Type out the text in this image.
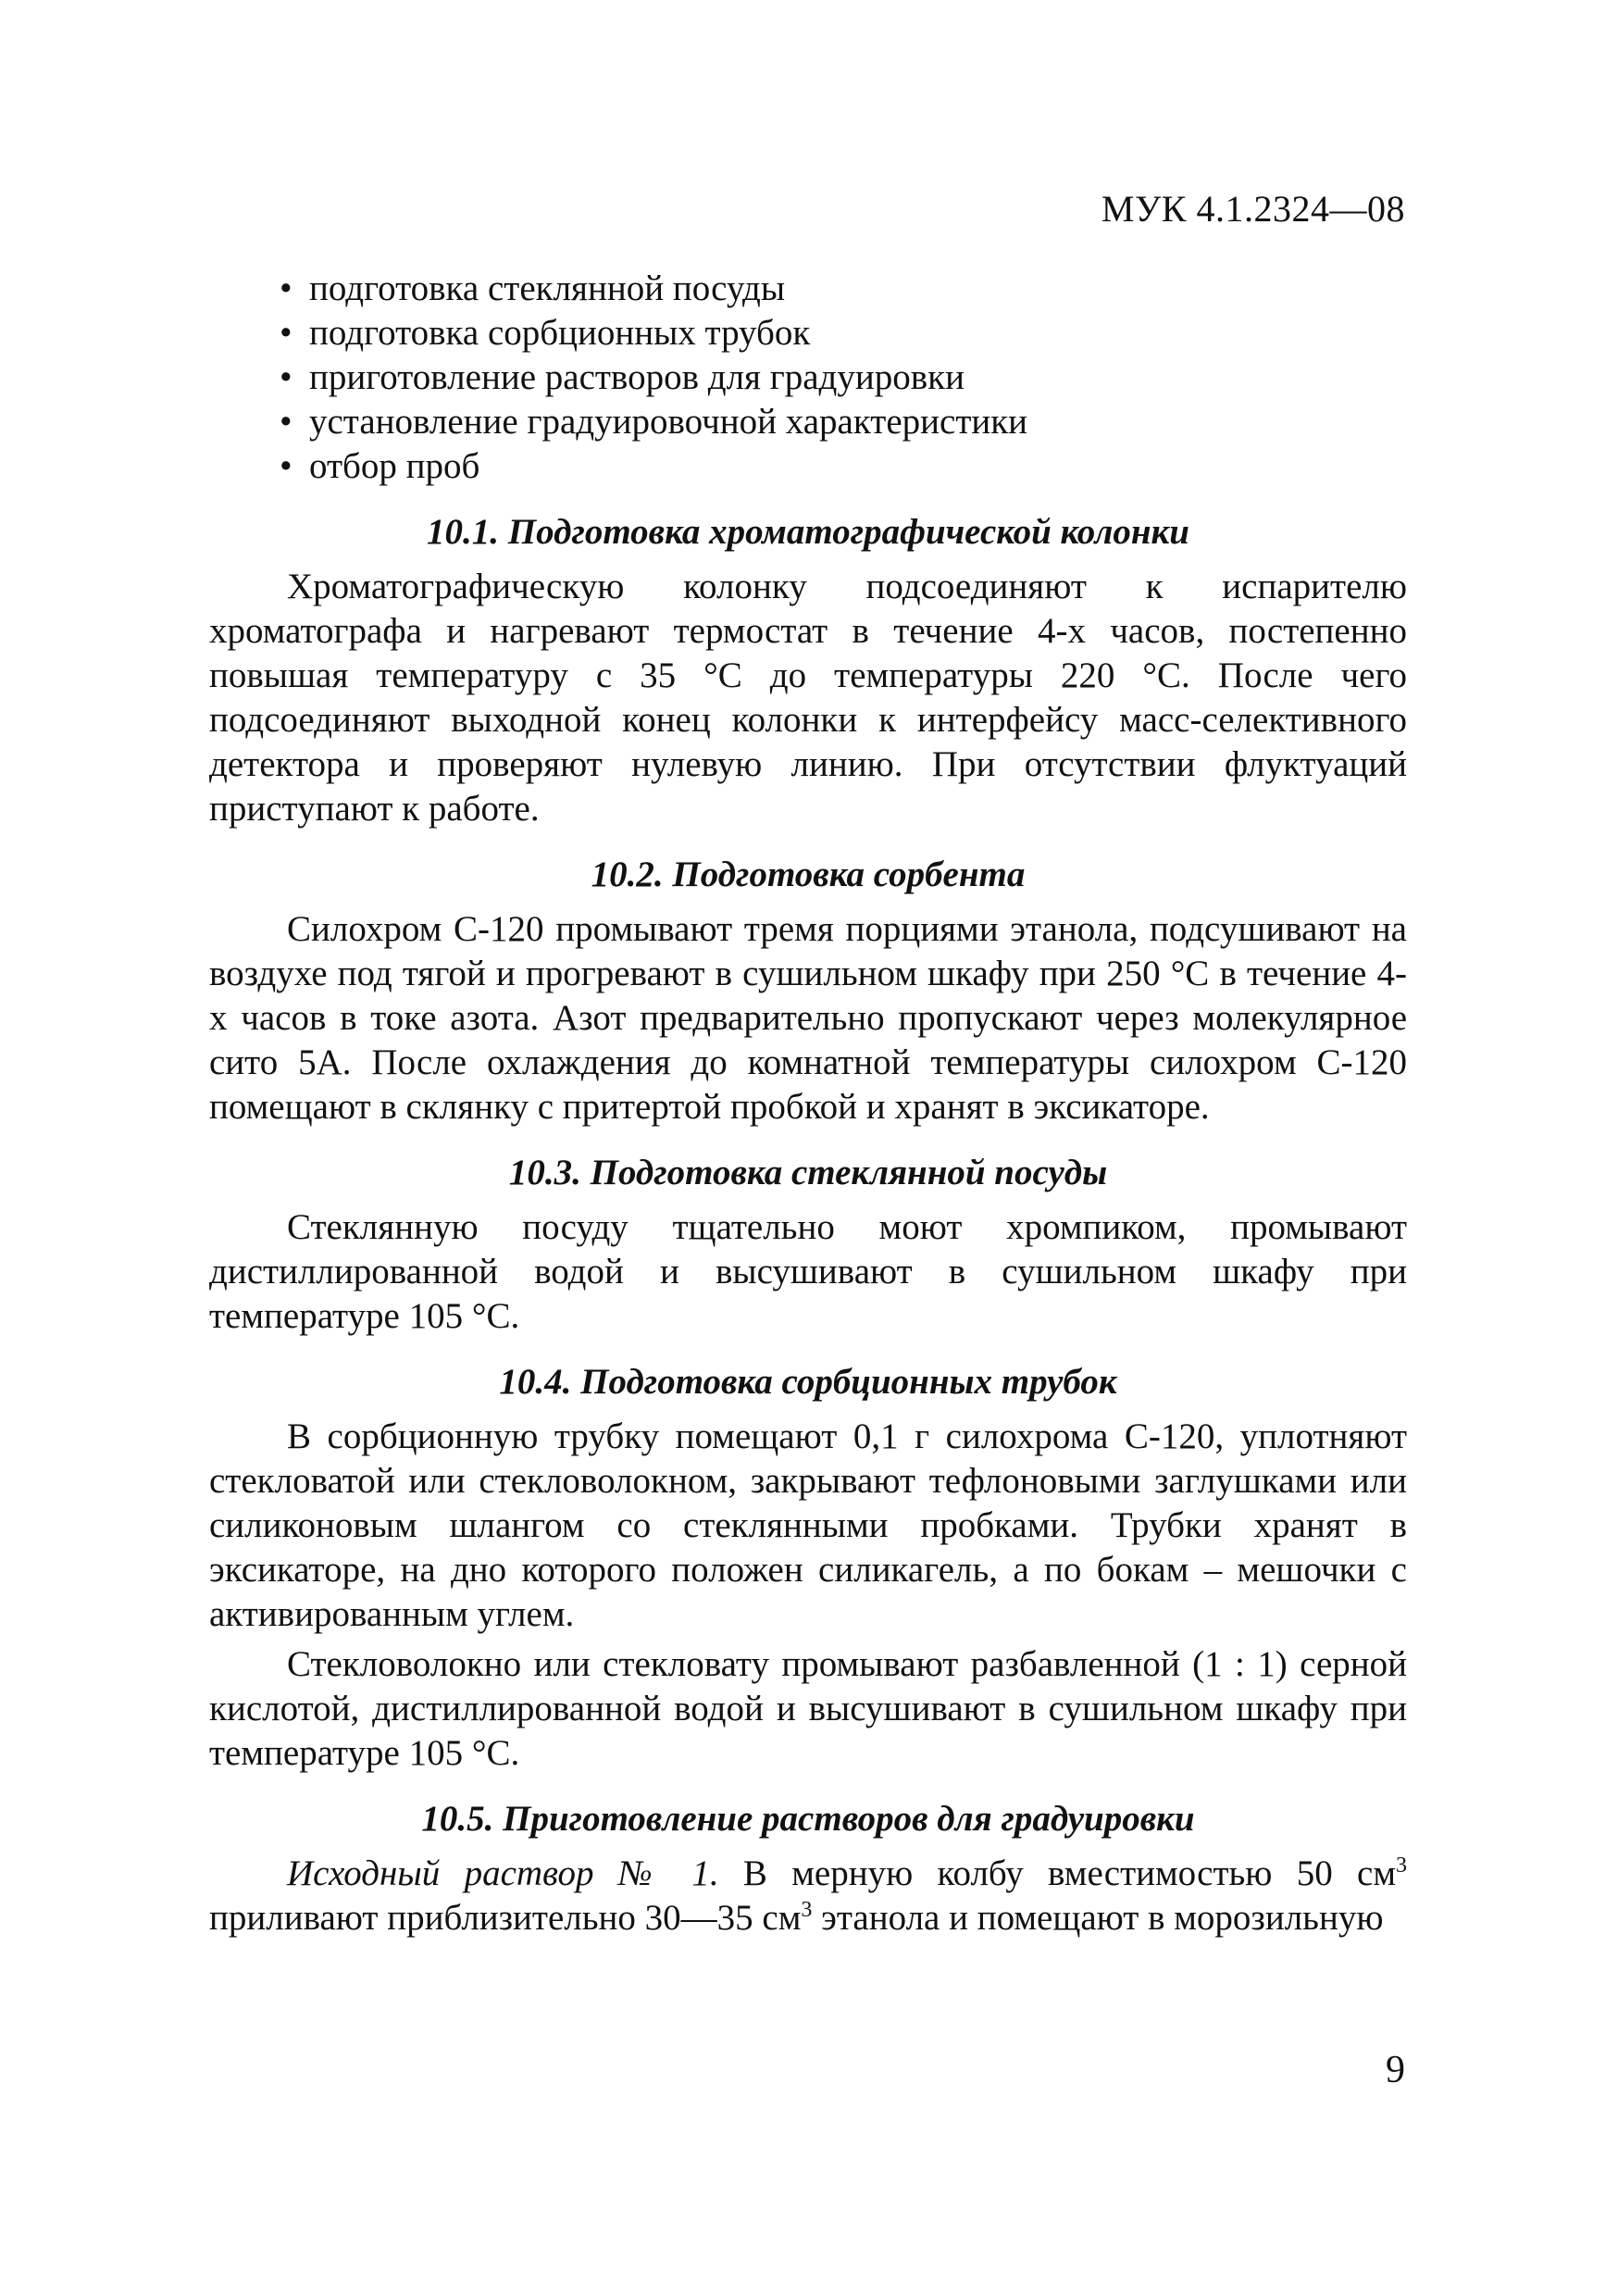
МУК 4.1.2324—08
• подготовка стеклянной посуды
• подготовка сорбционных трубок
• приготовление растворов для градуировки
• установление градуировочной характеристики
• отбор проб
10.1. Подготовка хроматографической колонки

Хроматографическую колонку подсоединяют к испарителю хроматографа и нагревают термостат в течение 4-х часов, постепенно повышая температуру с 35 °С до температуры 220 °С. После чего подсоединяют выходной конец колонки к интерфейсу масс-селективного детектора и проверяют нулевую линию. При отсутствии флуктуаций приступают к работе.

10.2. Подготовка сорбента

Силохром С-120 промывают тремя порциями этанола, подсушивают на воздухе под тягой и прогревают в сушильном шкафу при 250 °С в течение 4-х часов в токе азота. Азот предварительно пропускают через молекулярное сито 5А. После охлаждения до комнатной температуры силохром С-120 помещают в склянку с притертой пробкой и хранят в эксикаторе.

10.3. Подготовка стеклянной посуды

Стеклянную посуду тщательно моют хромпиком, промывают дистиллированной водой и высушивают в сушильном шкафу при температуре 105 °С.

10.4. Подготовка сорбционных трубок

В сорбционную трубку помещают 0,1 г силохрома С-120, уплотняют стекловатой или стекловолокном, закрывают тефлоновыми заглушками или силиконовым шлангом со стеклянными пробками. Трубки хранят в эксикаторе, на дно которого положен силикагель, а по бокам – мешочки с активированным углем.

Стекловолокно или стекловату промывают разбавленной (1 : 1) серной кислотой, дистиллированной водой и высушивают в сушильном шкафу при температуре 105 °С.

10.5. Приготовление растворов для градуировки

Исходный раствор № 1. В мерную колбу вместимостью 50 $см^3$ приливают приблизительно 30—35 $см^3$ этанола и помещают в морозильную

9
